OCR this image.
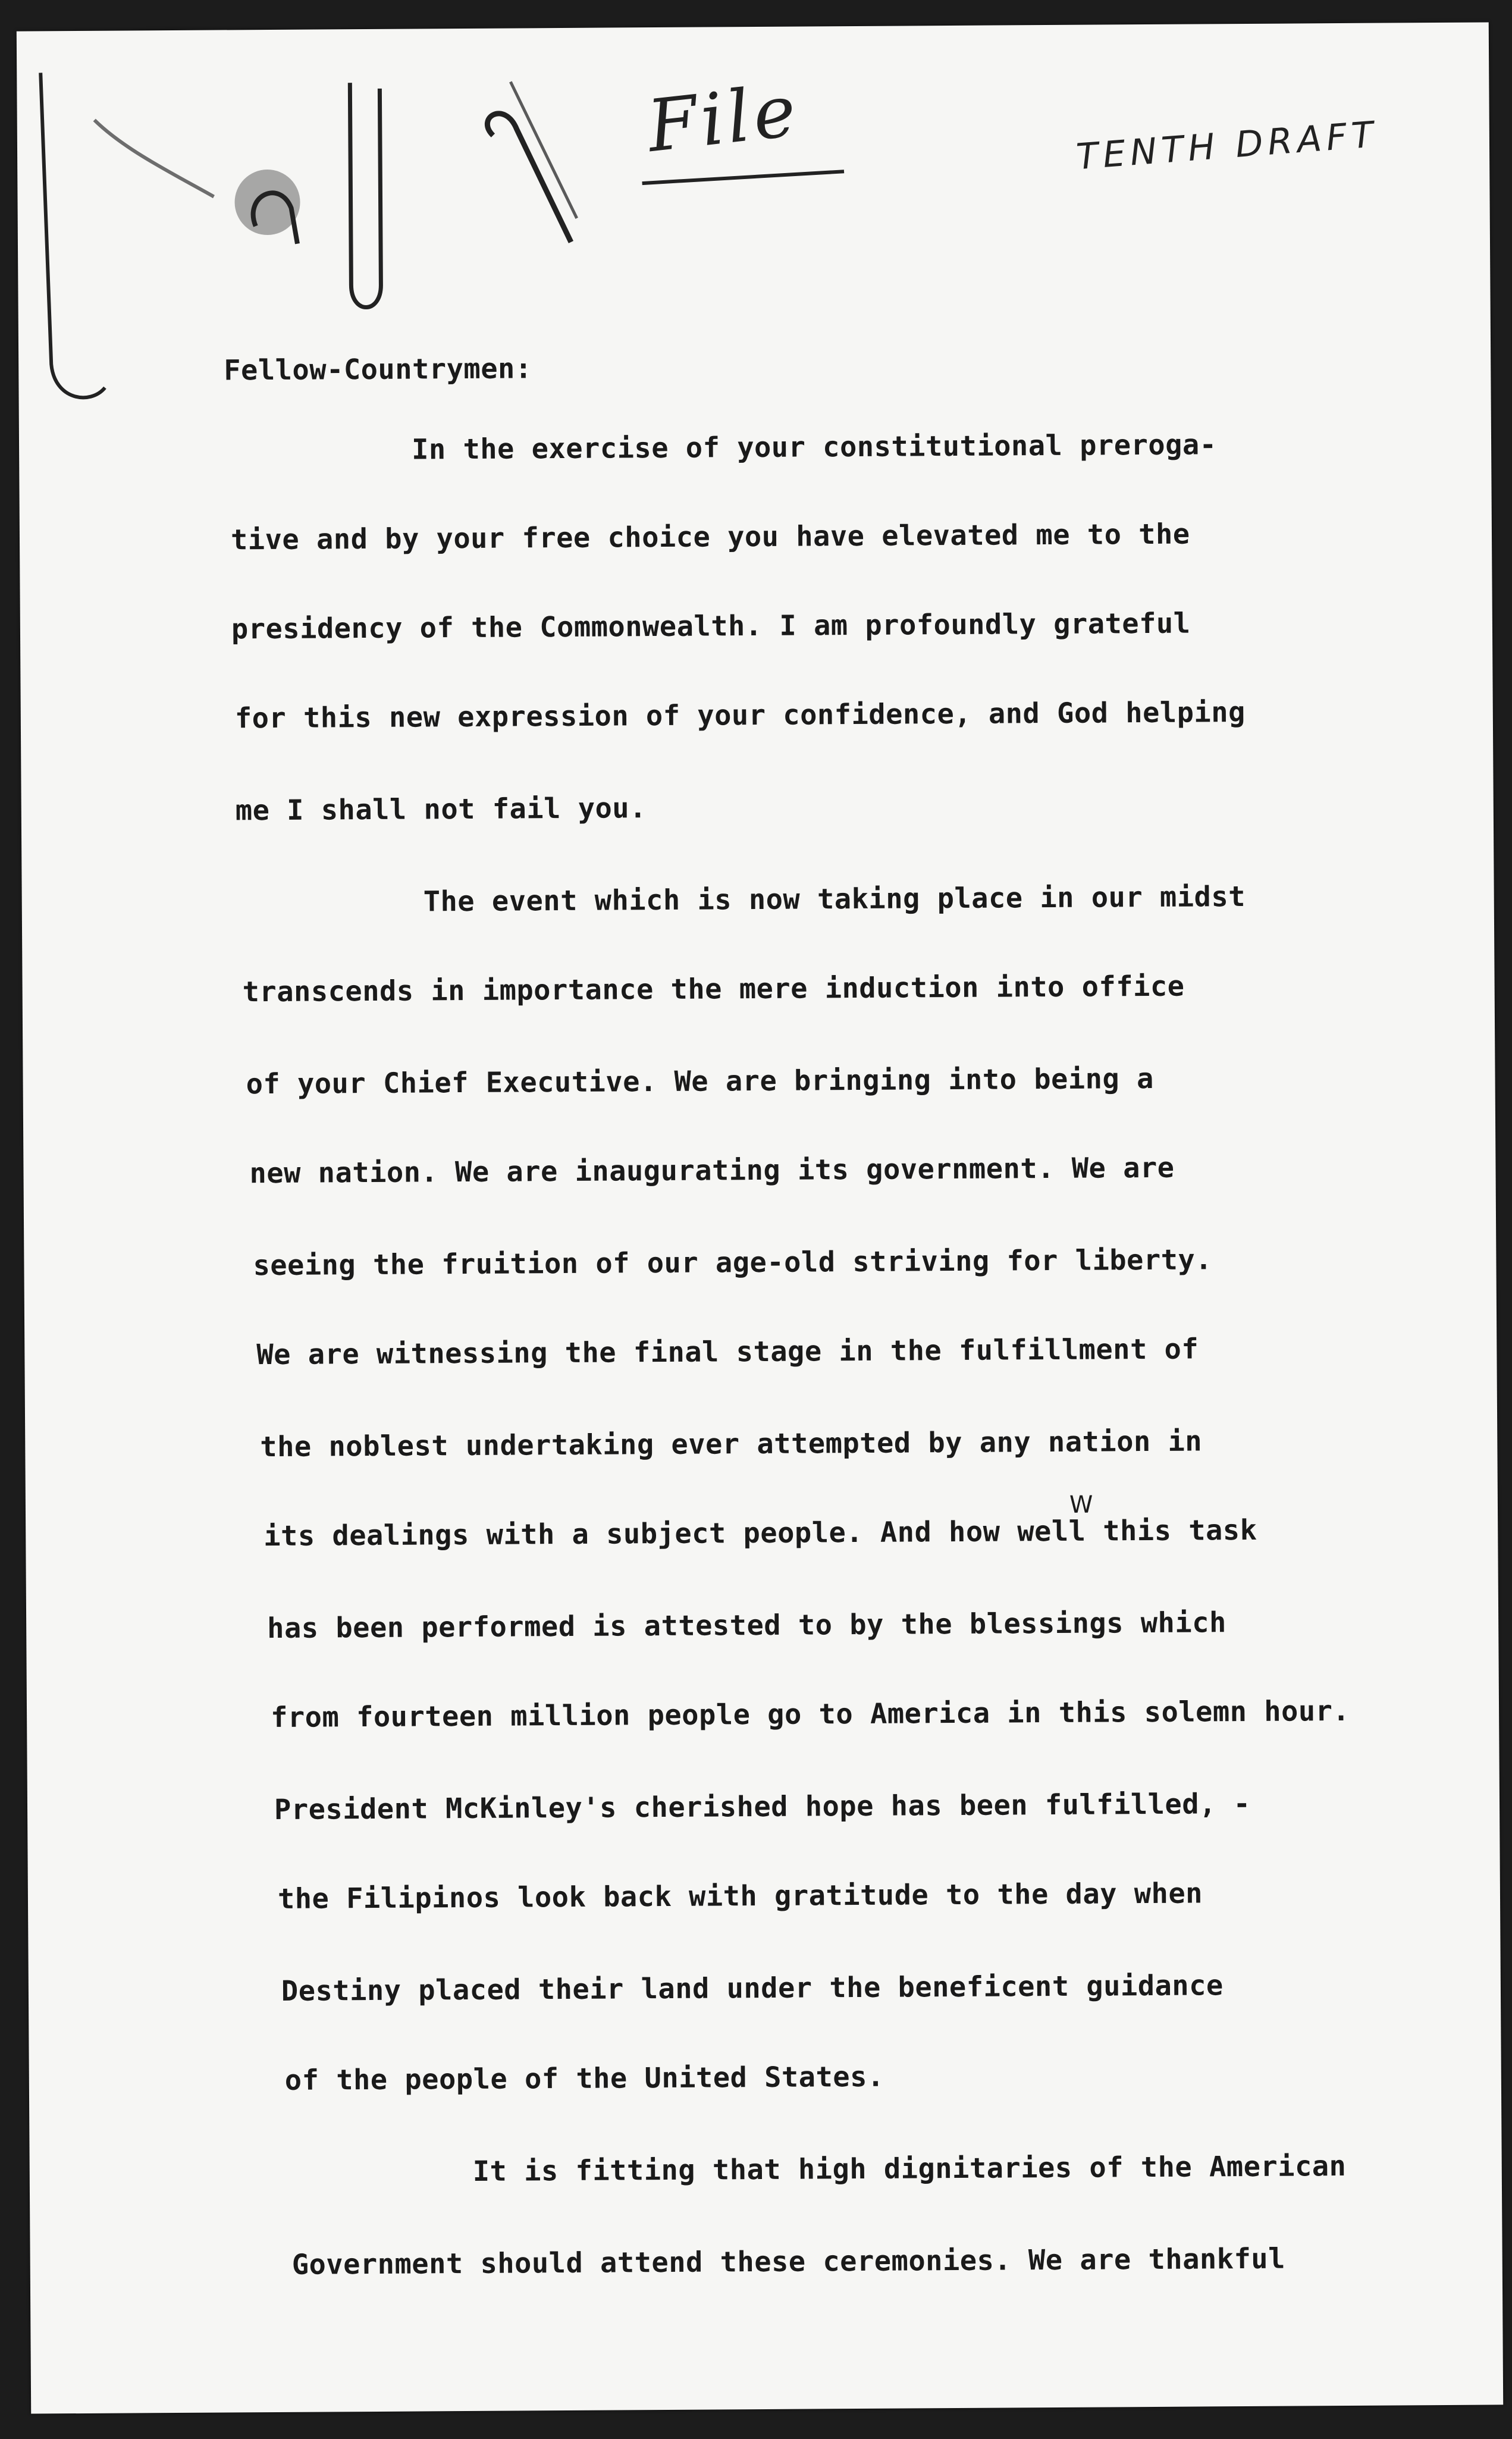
File	TENTH DRAFT
Fellow-Countrymen:
In the exercise of your constitutional preroga-
tive and by your free choice you have elevated me to the
presidency of the Commonwealth. I am profoundly grateful
for this new expression of your confidence, and God helping
me I shall not fail you.
The event which is now taking place in our midst
transcends in importance the mere induction into office
of your Chief Executive. We are bringing into being a
new nation. We are inaugurating its government. We are
seeing the fruition of our age-old striving for liberty.
We are witnessing the final stage in the fulfillment of
the noblest undertaking ever attempted by any nation in
its dealings with a subject people. And how well this task
W
has been performed is attested to by the blessings which
from fourteen million people go to America in this solemn hour.
President McKinley's cherished hope has been fulfilled, -
the Filipinos look back with gratitude to the day when
Destiny placed their land under the beneficent guidance
of the people of the United States.
It is fitting that high dignitaries of the American
Government should attend these ceremonies. We are thankful
